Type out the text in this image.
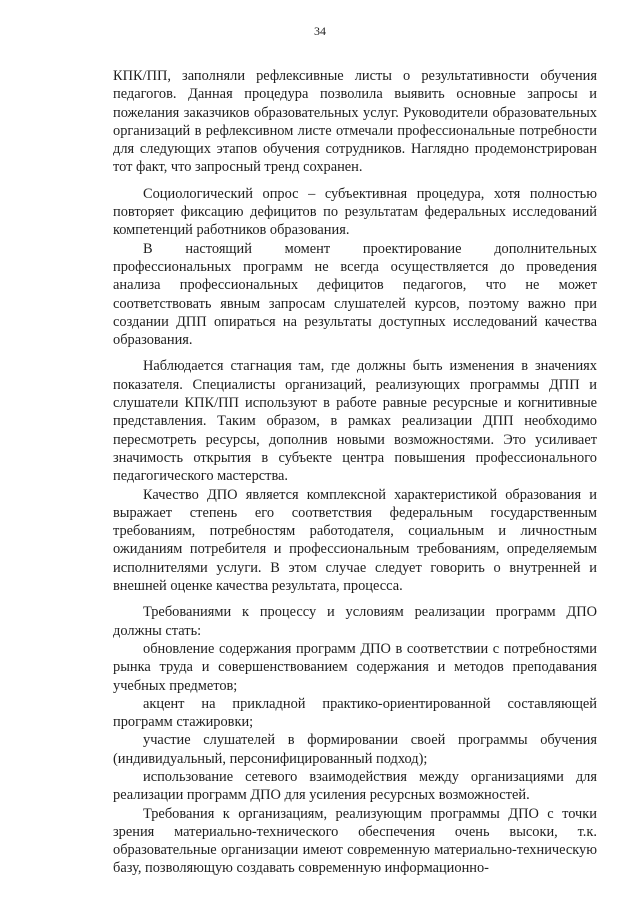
34

КПК/ПП, заполняли рефлексивные листы о результативности обучения педагогов. Данная процедура позволила выявить основные запросы и пожелания заказчиков образовательных услуг. Руководители образовательных организаций в рефлексивном листе отмечали профессиональные потребности для следующих этапов обучения сотрудников. Наглядно продемонстрирован тот факт, что запросный тренд сохранен.

Социологический опрос – субъективная процедура, хотя полностью повторяет фиксацию дефицитов по результатам федеральных исследований компетенций работников образования.

В настоящий момент проектирование дополнительных профессиональных программ не всегда осуществляется до проведения анализа профессиональных дефицитов педагогов, что не может соответствовать явным запросам слушателей курсов, поэтому важно при создании ДПП опираться на результаты доступных исследований качества образования.

Наблюдается стагнация там, где должны быть изменения в значениях показателя. Специалисты организаций, реализующих программы ДПП и слушатели КПК/ПП используют в работе равные ресурсные и когнитивные представления. Таким образом, в рамках реализации ДПП необходимо пересмотреть ресурсы, дополнив новыми возможностями. Это усиливает значимость открытия в субъекте центра повышения профессионального педагогического мастерства.

Качество ДПО является комплексной характеристикой образования и выражает степень его соответствия федеральным государственным требованиям, потребностям работодателя, социальным и личностным ожиданиям потребителя и профессиональным требованиям, определяемым исполнителями услуги. В этом случае следует говорить о внутренней и внешней оценке качества результата, процесса.

Требованиями к процессу и условиям реализации программ ДПО должны стать:

обновление содержания программ ДПО в соответствии с потребностями рынка труда и совершенствованием содержания и методов преподавания учебных предметов;

акцент на прикладной практико-ориентированной составляющей программ стажировки;

участие слушателей в формировании своей программы обучения (индивидуальный, персонифицированный подход);

использование сетевого взаимодействия между организациями для реализации программ ДПО для усиления ресурсных возможностей.

Требования к организациям, реализующим программы ДПО с точки зрения материально-технического обеспечения очень высоки, т.к. образовательные организации имеют современную материально-техническую базу, позволяющую создавать современную информационно-
